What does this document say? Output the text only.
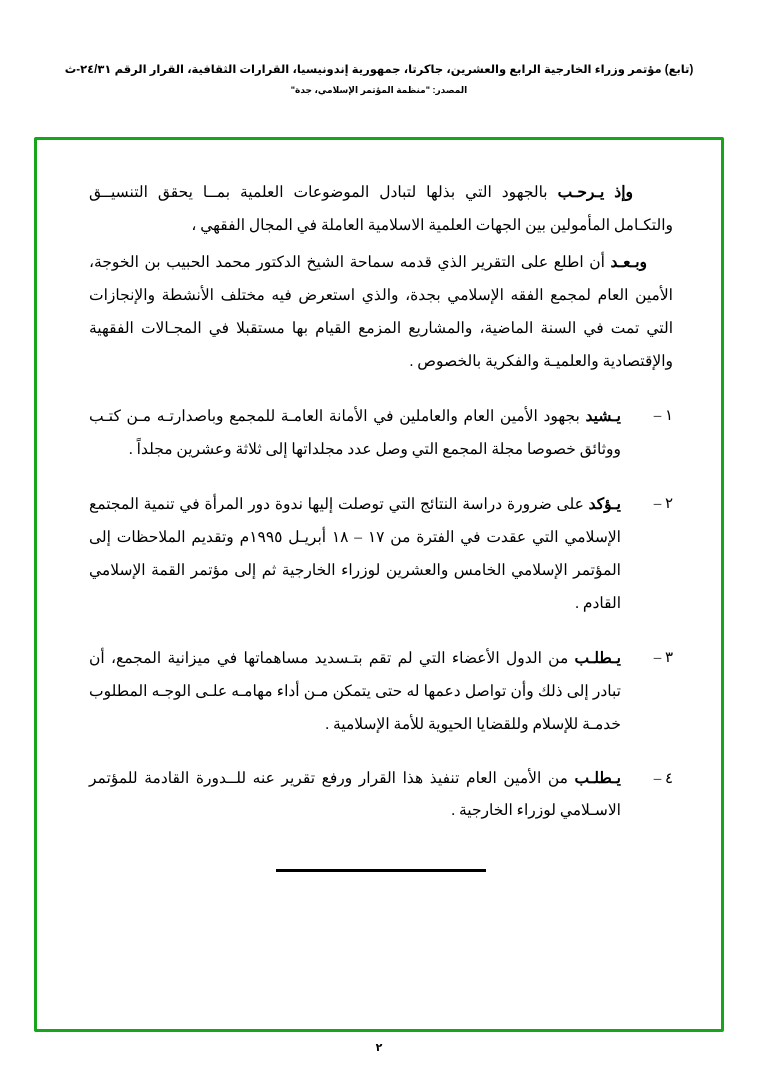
(تابع) مؤتمر وزراء الخارجية الرابع والعشرين، جاكرتا، جمهورية إندونيسيا، القرارات الثقافية، القرار الرقم ٢٤/٣١-ث
المصدر: "منظمة المؤتمر الإسلامي، جدة"

وإذ يـرحـب بالجهود التي بذلها لتبادل الموضوعات العلمية بمــا يحقق التنسيــق والتكـامل المأمولين بين الجهات العلمية الاسلامية العاملة في المجال الفقهي ،

وبـعـد أن اطلع على التقرير الذي قدمه سماحة الشيخ الدكتور محمد الحبيب بن الخوجة، الأمين العام لمجمع الفقه الإسلامي بجدة، والذي استعرض فيه مختلف الأنشطة والإنجازات التي تمت في السنة الماضية، والمشاريع المزمع القيام بها مستقبلا في المجـالات الفقهية والإقتصادية والعلميـة والفكرية بالخصوص .

١ –
يـشيد بجهود الأمين العام والعاملين في الأمانة العامـة للمجمع وباصدارتـه مـن كتـب ووثائق خصوصا مجلة المجمع التي وصل عدد مجلداتها إلى ثلاثة وعشرين مجلداً .
٢ –
يـؤكد على ضرورة دراسة النتائج التي توصلت إليها ندوة دور المرأة في تنمية المجتمع الإسلامي التي عقدت في الفترة من ١٧ – ١٨ أبريـل ١٩٩٥م وتقديم الملاحظات إلى المؤتمر الإسلامي الخامس والعشرين لوزراء الخارجية ثم إلى مؤتمر القمة الإسلامي القادم .
٣ –
يـطلـب من الدول الأعضاء التي لم تقم بتـسديد مساهماتها في ميزانية المجمع، أن تبادر إلى ذلك وأن تواصل دعمها له حتى يتمكن مـن أداء مهامـه علـى الوجـه المطلوب خدمـة للإسلام وللقضايا الحيوية للأمة الإسلامية .
٤ –
يـطلـب من الأمين العام تنفيذ هذا القرار ورفع تقرير عنه للــدورة القادمة للمؤتمر الاسـلامي لوزراء الخارجية .
٢
